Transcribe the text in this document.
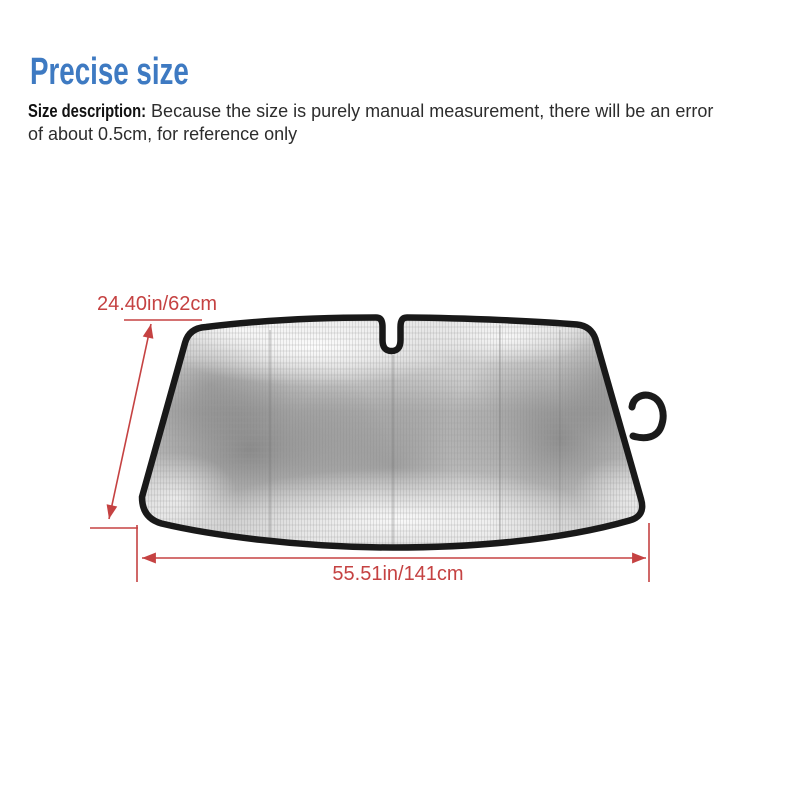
Precise size

Size description: Because the size is purely manual measurement, there will be an error of about 0.5cm, for reference only

24.40in/62cm
55.51in/141cm
